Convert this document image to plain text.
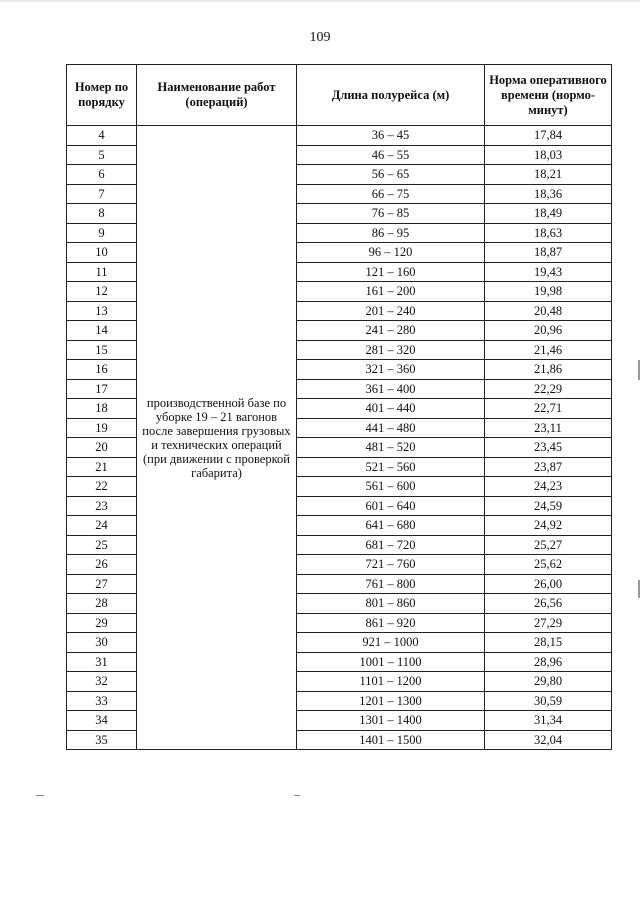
109
Номер по порядку	Наименование работ (операций)	Длина полурейса (м)	Норма оперативного времени (нормо-минут)
4	производственной базе по уборке 19 – 21 вагонов после завершения грузовых и технических операций (при движении с проверкой габарита)	36 – 45	17,84
5		46 – 55	18,03
6		56 – 65	18,21
7		66 – 75	18,36
8		76 – 85	18,49
9		86 – 95	18,63
10		96 – 120	18,87
11		121 – 160	19,43
12		161 – 200	19,98
13		201 – 240	20,48
14		241 – 280	20,96
15		281 – 320	21,46
16		321 – 360	21,86
17		361 – 400	22,29
18		401 – 440	22,71
19		441 – 480	23,11
20		481 – 520	23,45
21		521 – 560	23,87
22		561 – 600	24,23
23		601 – 640	24,59
24		641 – 680	24,92
25		681 – 720	25,27
26		721 – 760	25,62
27		761 – 800	26,00
28		801 – 860	26,56
29		861 – 920	27,29
30		921 – 1000	28,15
31		1001 – 1100	28,96
32		1101 – 1200	29,80
33		1201 – 1300	30,59
34		1301 – 1400	31,34
35		1401 – 1500	32,04
